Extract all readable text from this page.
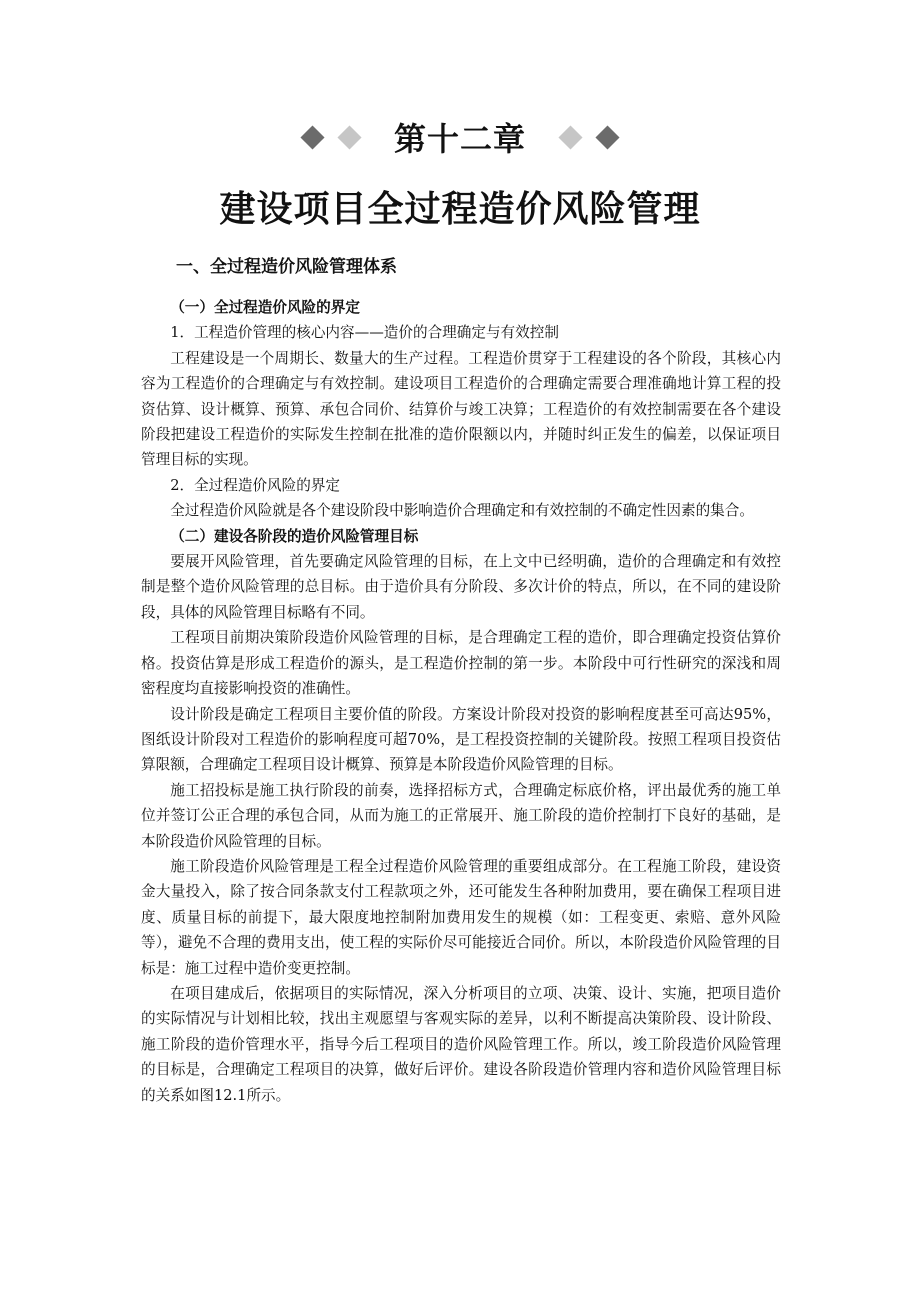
第十二章
建设项目全过程造价风险管理
一、全过程造价风险管理体系

（一）全过程造价风险的界定

1．工程造价管理的核心内容——造价的合理确定与有效控制

工程建设是一个周期长、数量大的生产过程。工程造价贯穿于工程建设的各个阶段，其核心内容为工程造价的合理确定与有效控制。建设项目工程造价的合理确定需要合理准确地计算工程的投资估算、设计概算、预算、承包合同价、结算价与竣工决算；工程造价的有效控制需要在各个建设阶段把建设工程造价的实际发生控制在批准的造价限额以内，并随时纠正发生的偏差，以保证项目管理目标的实现。

2．全过程造价风险的界定

全过程造价风险就是各个建设阶段中影响造价合理确定和有效控制的不确定性因素的集合。

（二）建设各阶段的造价风险管理目标

要展开风险管理，首先要确定风险管理的目标，在上文中已经明确，造价的合理确定和有效控制是整个造价风险管理的总目标。由于造价具有分阶段、多次计价的特点，所以，在不同的建设阶段，具体的风险管理目标略有不同。

工程项目前期决策阶段造价风险管理的目标，是合理确定工程的造价，即合理确定投资估算价格。投资估算是形成工程造价的源头，是工程造价控制的第一步。本阶段中可行性研究的深浅和周密程度均直接影响投资的准确性。

设计阶段是确定工程项目主要价值的阶段。方案设计阶段对投资的影响程度甚至可高达95%，图纸设计阶段对工程造价的影响程度可超70%，是工程投资控制的关键阶段。按照工程项目投资估算限额，合理确定工程项目设计概算、预算是本阶段造价风险管理的目标。

施工招投标是施工执行阶段的前奏，选择招标方式，合理确定标底价格，评出最优秀的施工单位并签订公正合理的承包合同，从而为施工的正常展开、施工阶段的造价控制打下良好的基础，是本阶段造价风险管理的目标。

施工阶段造价风险管理是工程全过程造价风险管理的重要组成部分。在工程施工阶段，建设资金大量投入，除了按合同条款支付工程款项之外，还可能发生各种附加费用，要在确保工程项目进度、质量目标的前提下，最大限度地控制附加费用发生的规模（如：工程变更、索赔、意外风险等），避免不合理的费用支出，使工程的实际价尽可能接近合同价。所以，本阶段造价风险管理的目标是：施工过程中造价变更控制。

在项目建成后，依据项目的实际情况，深入分析项目的立项、决策、设计、实施，把项目造价的实际情况与计划相比较，找出主观愿望与客观实际的差异，以利不断提高决策阶段、设计阶段、施工阶段的造价管理水平，指导今后工程项目的造价风险管理工作。所以，竣工阶段造价风险管理的目标是，合理确定工程项目的决算，做好后评价。建设各阶段造价管理内容和造价风险管理目标的关系如图12.1所示。
